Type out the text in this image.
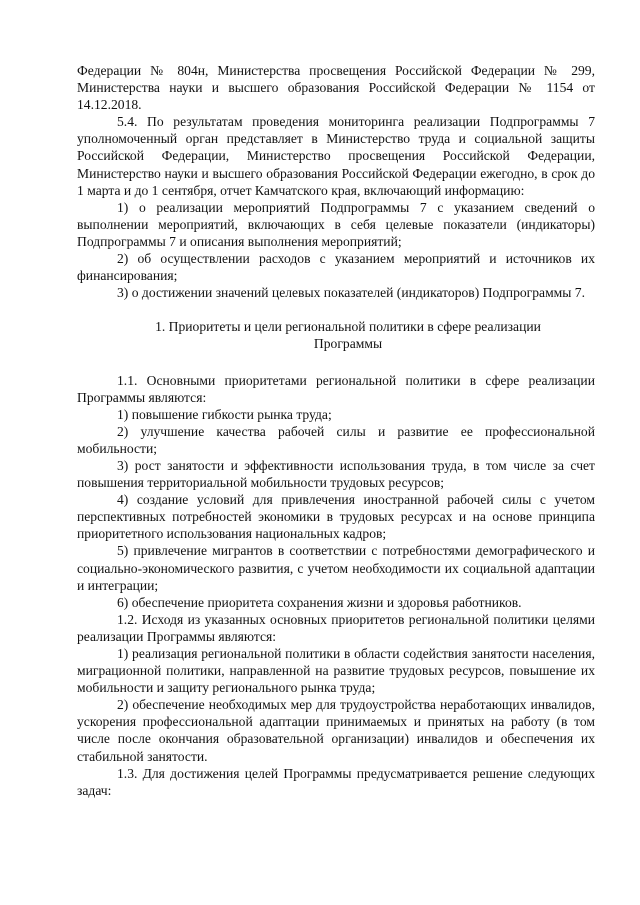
Федерации № 804н, Министерства просвещения Российской Федерации № 299, Министерства науки и высшего образования Российской Федерации № 1154 от 14.12.2018.

5.4. По результатам проведения мониторинга реализации Подпрограммы 7 уполномоченный орган представляет в Министерство труда и социальной защиты Российской Федерации, Министерство просвещения Российской Федерации, Министерство науки и высшего образования Российской Федерации ежегодно, в срок до 1 марта и до 1 сентября, отчет Камчатского края, включающий информацию:

1) о реализации мероприятий Подпрограммы 7 с указанием сведений о выполнении мероприятий, включающих в себя целевые показатели (индикаторы) Подпрограммы 7 и описания выполнения мероприятий;

2) об осуществлении расходов с указанием мероприятий и источников их финансирования;

3) о достижении значений целевых показателей (индикаторов) Подпрограммы 7.

1. Приоритеты и цели региональной политики в сфере реализации Программы

1.1. Основными приоритетами региональной политики в сфере реализации Программы являются:

1) повышение гибкости рынка труда;

2) улучшение качества рабочей силы и развитие ее профессиональной мобильности;

3) рост занятости и эффективности использования труда, в том числе за счет повышения территориальной мобильности трудовых ресурсов;

4) создание условий для привлечения иностранной рабочей силы с учетом перспективных потребностей экономики в трудовых ресурсах и на основе принципа приоритетного использования национальных кадров;

5) привлечение мигрантов в соответствии с потребностями демографического и социально-экономического развития, с учетом необходимости их социальной адаптации и интеграции;

6) обеспечение приоритета сохранения жизни и здоровья работников.

1.2. Исходя из указанных основных приоритетов региональной политики целями реализации Программы являются:

1) реализация региональной политики в области содействия занятости населения, миграционной политики, направленной на развитие трудовых ресурсов, повышение их мобильности и защиту регионального рынка труда;

2) обеспечение необходимых мер для трудоустройства неработающих инвалидов, ускорения профессиональной адаптации принимаемых и принятых на работу (в том числе после окончания образовательной организации) инвалидов и обеспечения их стабильной занятости.

1.3. Для достижения целей Программы предусматривается решение следующих задач:
